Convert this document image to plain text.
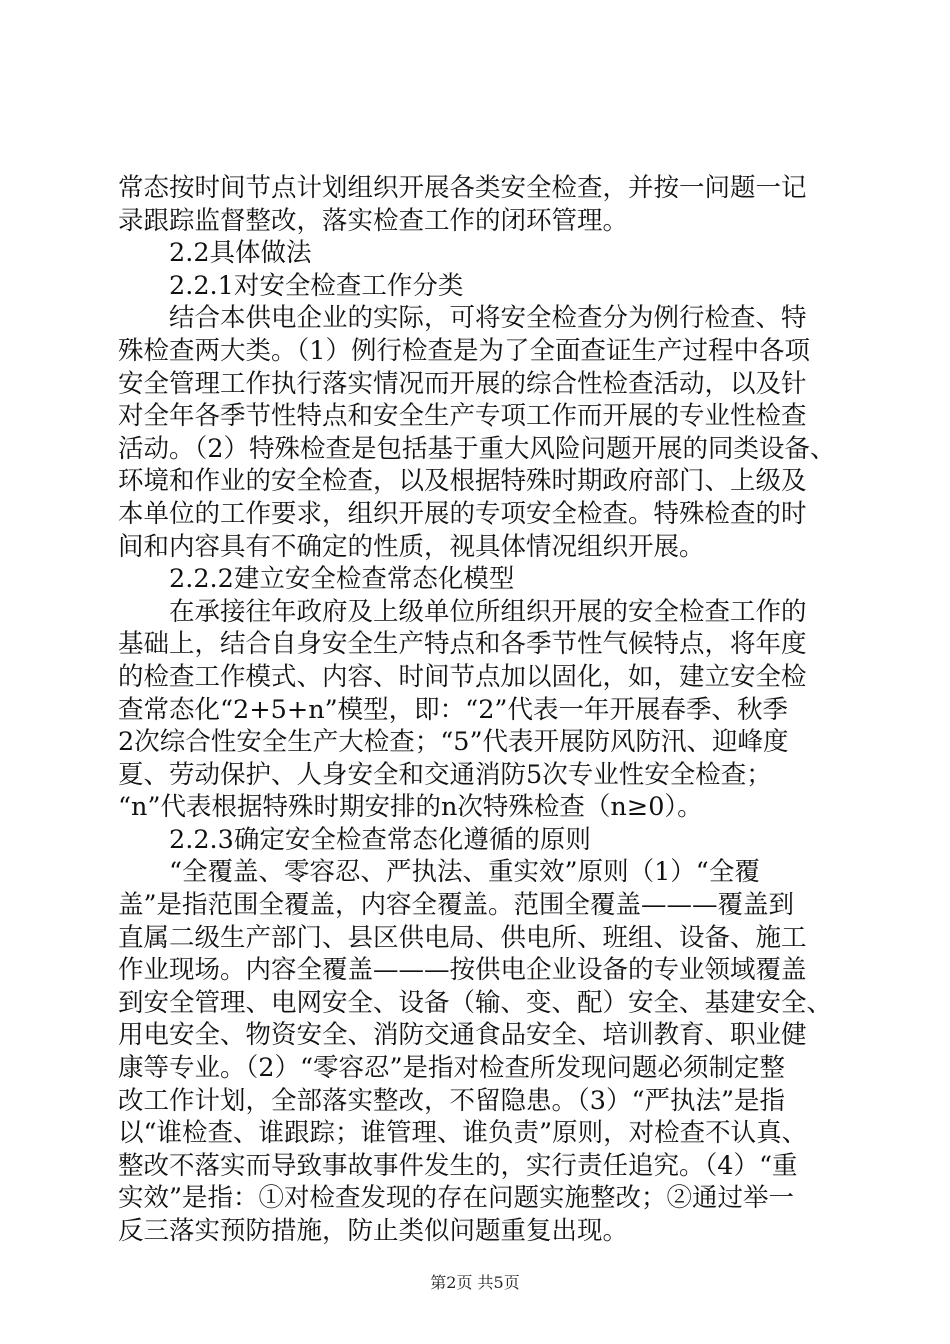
常态按时间节点计划组织开展各类安全检查，并按一问题一记
录跟踪监督整改，落实检查工作的闭环管理。
　　2.2具体做法
　　2.2.1对安全检查工作分类
　　结合本供电企业的实际，可将安全检查分为例行检查、特
殊检查两大类。（1）例行检查是为了全面查证生产过程中各项
安全管理工作执行落实情况而开展的综合性检查活动，以及针
对全年各季节性特点和安全生产专项工作而开展的专业性检查
活动。（2）特殊检查是包括基于重大风险问题开展的同类设备、
环境和作业的安全检查，以及根据特殊时期政府部门、上级及
本单位的工作要求，组织开展的专项安全检查。特殊检查的时
间和内容具有不确定的性质，视具体情况组织开展。
　　2.2.2建立安全检查常态化模型
　　在承接往年政府及上级单位所组织开展的安全检查工作的
基础上，结合自身安全生产特点和各季节性气候特点，将年度
的检查工作模式、内容、时间节点加以固化，如，建立安全检
查常态化“2+5+n”模型，即：“2”代表一年开展春季、秋季
2次综合性安全生产大检查；“5”代表开展防风防汛、迎峰度
夏、劳动保护、人身安全和交通消防5次专业性安全检查；
“n”代表根据特殊时期安排的n次特殊检查（n≥0）。
　　2.2.3确定安全检查常态化遵循的原则
　　“全覆盖、零容忍、严执法、重实效”原则（1）“全覆
盖”是指范围全覆盖，内容全覆盖。范围全覆盖———覆盖到
直属二级生产部门、县区供电局、供电所、班组、设备、施工
作业现场。内容全覆盖———按供电企业设备的专业领域覆盖
到安全管理、电网安全、设备（输、变、配）安全、基建安全、
用电安全、物资安全、消防交通食品安全、培训教育、职业健
康等专业。（2）“零容忍”是指对检查所发现问题必须制定整
改工作计划，全部落实整改，不留隐患。（3）“严执法”是指
以“谁检查、谁跟踪；谁管理、谁负责”原则，对检查不认真、
整改不落实而导致事故事件发生的，实行责任追究。（4）“重
实效”是指：①对检查发现的存在问题实施整改；②通过举一
反三落实预防措施，防止类似问题重复出现。
第2页 共5页
